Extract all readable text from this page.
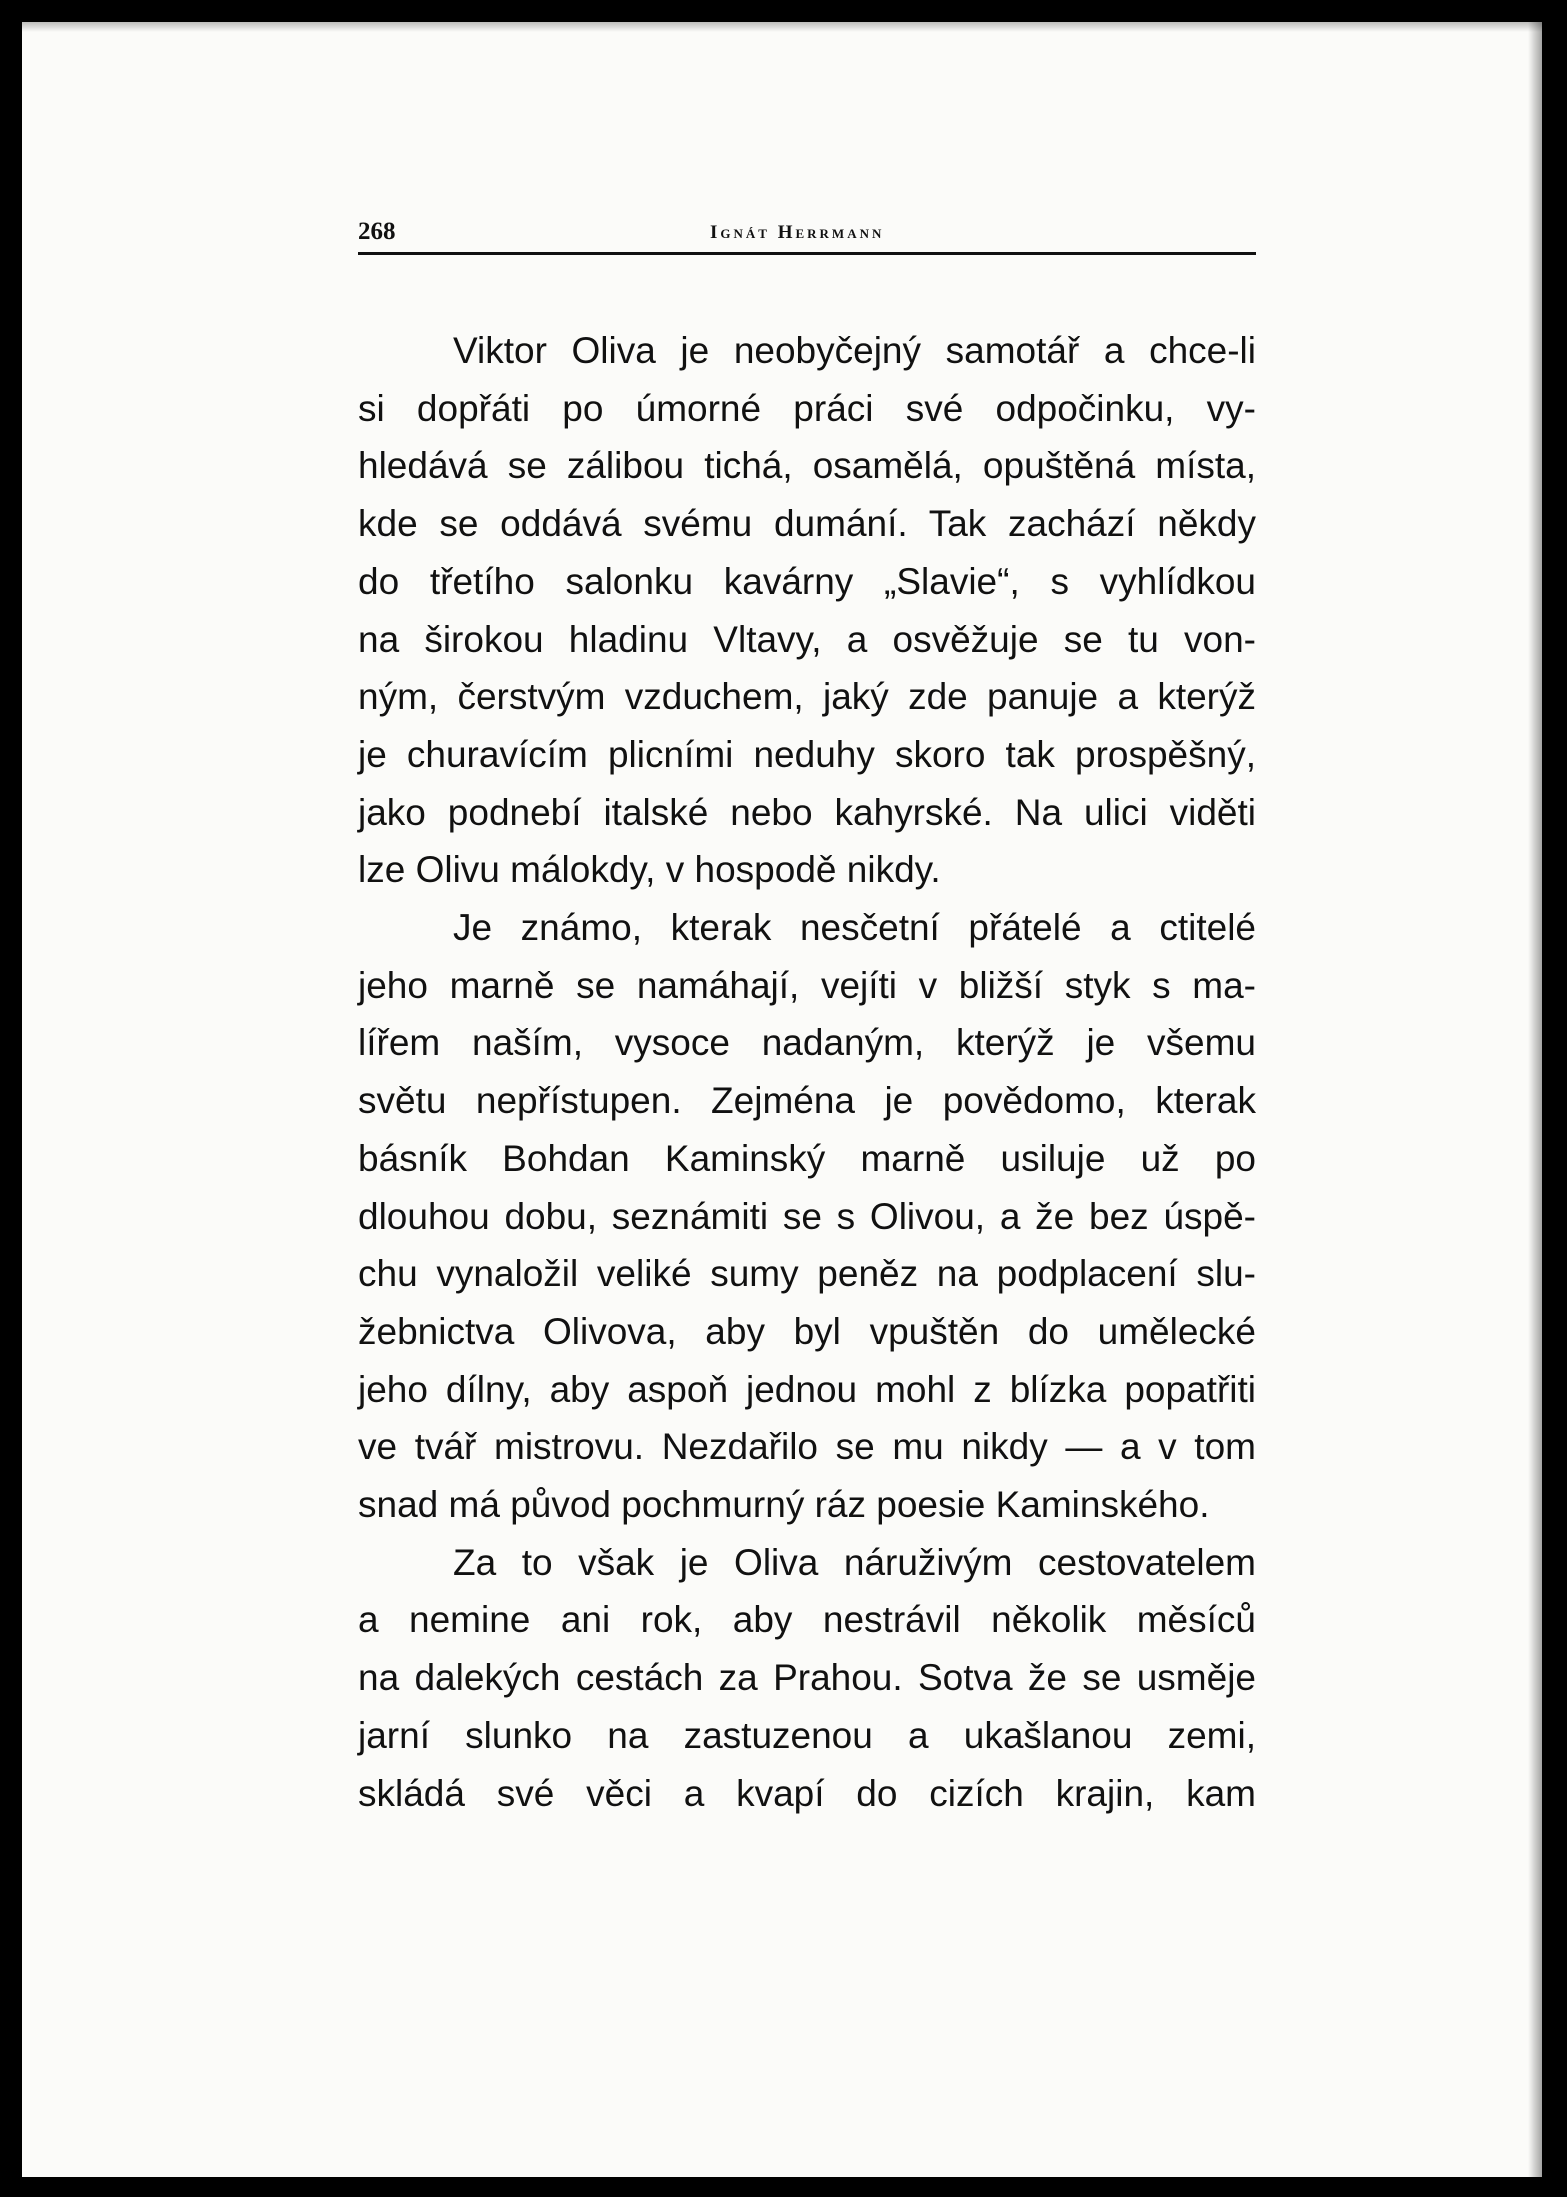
268	Ignát Herrmann

Viktor Oliva je neobyčejný samotář a chce-li
si dopřáti po úmorné práci své odpočinku, vy-
hledává se zálibou tichá, osamělá, opuštěná místa,
kde se oddává svému dumání. Tak zachází někdy
do třetího salonku kavárny „Slavie“, s vyhlídkou
na širokou hladinu Vltavy, a osvěžuje se tu von-
ným, čerstvým vzduchem, jaký zde panuje a kterýž
je churavícím plicními neduhy skoro tak prospěšný,
jako podnebí italské nebo kahyrské. Na ulici viděti
lze Olivu málokdy, v hospodě nikdy.

Je známo, kterak nesčetní přátelé a ctitelé
jeho marně se namáhají, vejíti v bližší styk s ma-
lířem naším, vysoce nadaným, kterýž je všemu
světu nepřístupen. Zejména je povědomo, kterak
básník Bohdan Kaminský marně usiluje už po
dlouhou dobu, seznámiti se s Olivou, a že bez úspě-
chu vynaložil veliké sumy peněz na podplacení slu-
žebnictva Olivova, aby byl vpuštěn do umělecké
jeho dílny, aby aspoň jednou mohl z blízka popatřiti
ve tvář mistrovu. Nezdařilo se mu nikdy — a v tom
snad má původ pochmurný ráz poesie Kaminského.

Za to však je Oliva náruživým cestovatelem
a nemine ani rok, aby nestrávil několik měsíců
na dalekých cestách za Prahou. Sotva že se usměje
jarní slunko na zastuzenou a ukašlanou zemi,
skládá své věci a kvapí do cizích krajin, kam
